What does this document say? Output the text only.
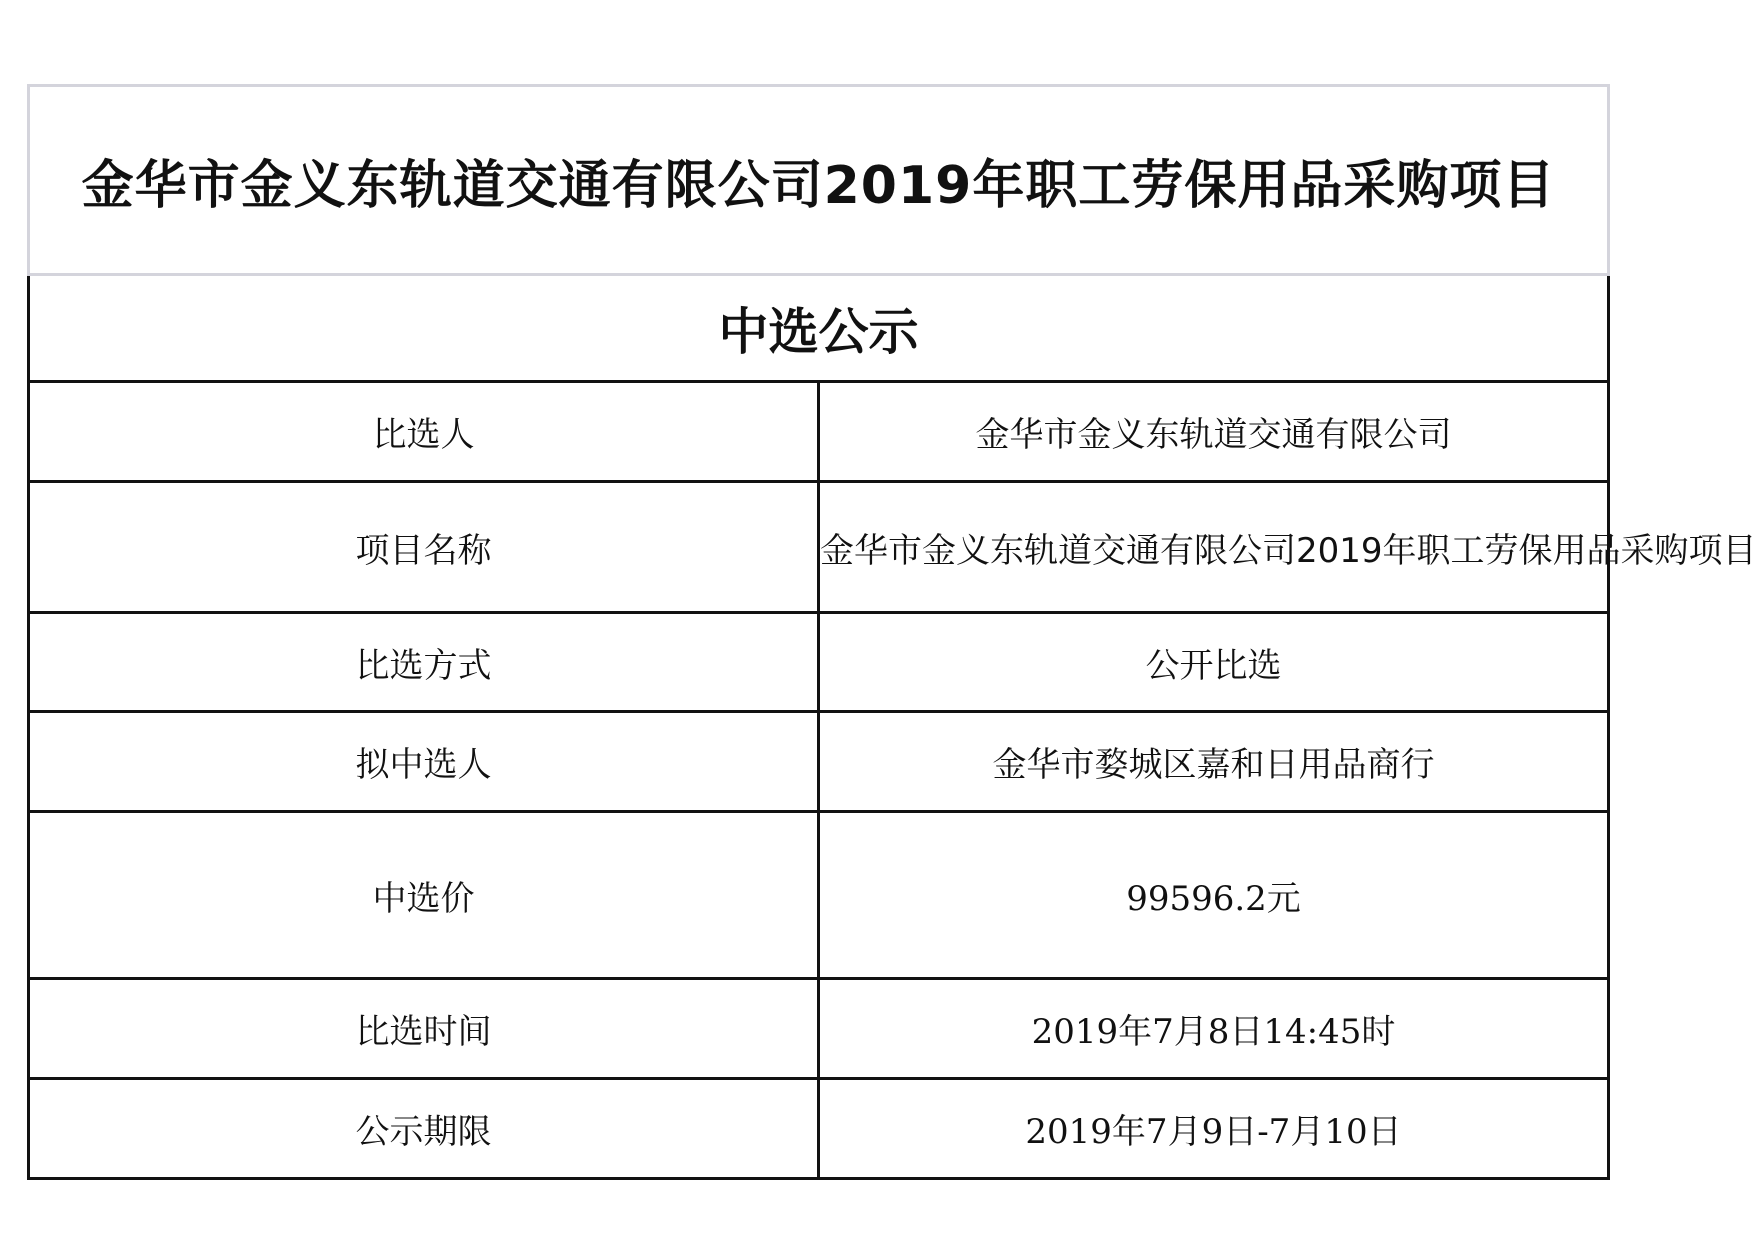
金华市金义东轨道交通有限公司2019年职工劳保用品采购项目
中选公示	
比选人	金华市金义东轨道交通有限公司
项目名称	金华市金义东轨道交通有限公司2019年职工劳保用品采购项目
比选方式	公开比选
拟中选人	金华市婺城区嘉和日用品商行
中选价	99596.2元
比选时间	2019年7月8日14:45时
公示期限	2019年7月9日-7月10日
